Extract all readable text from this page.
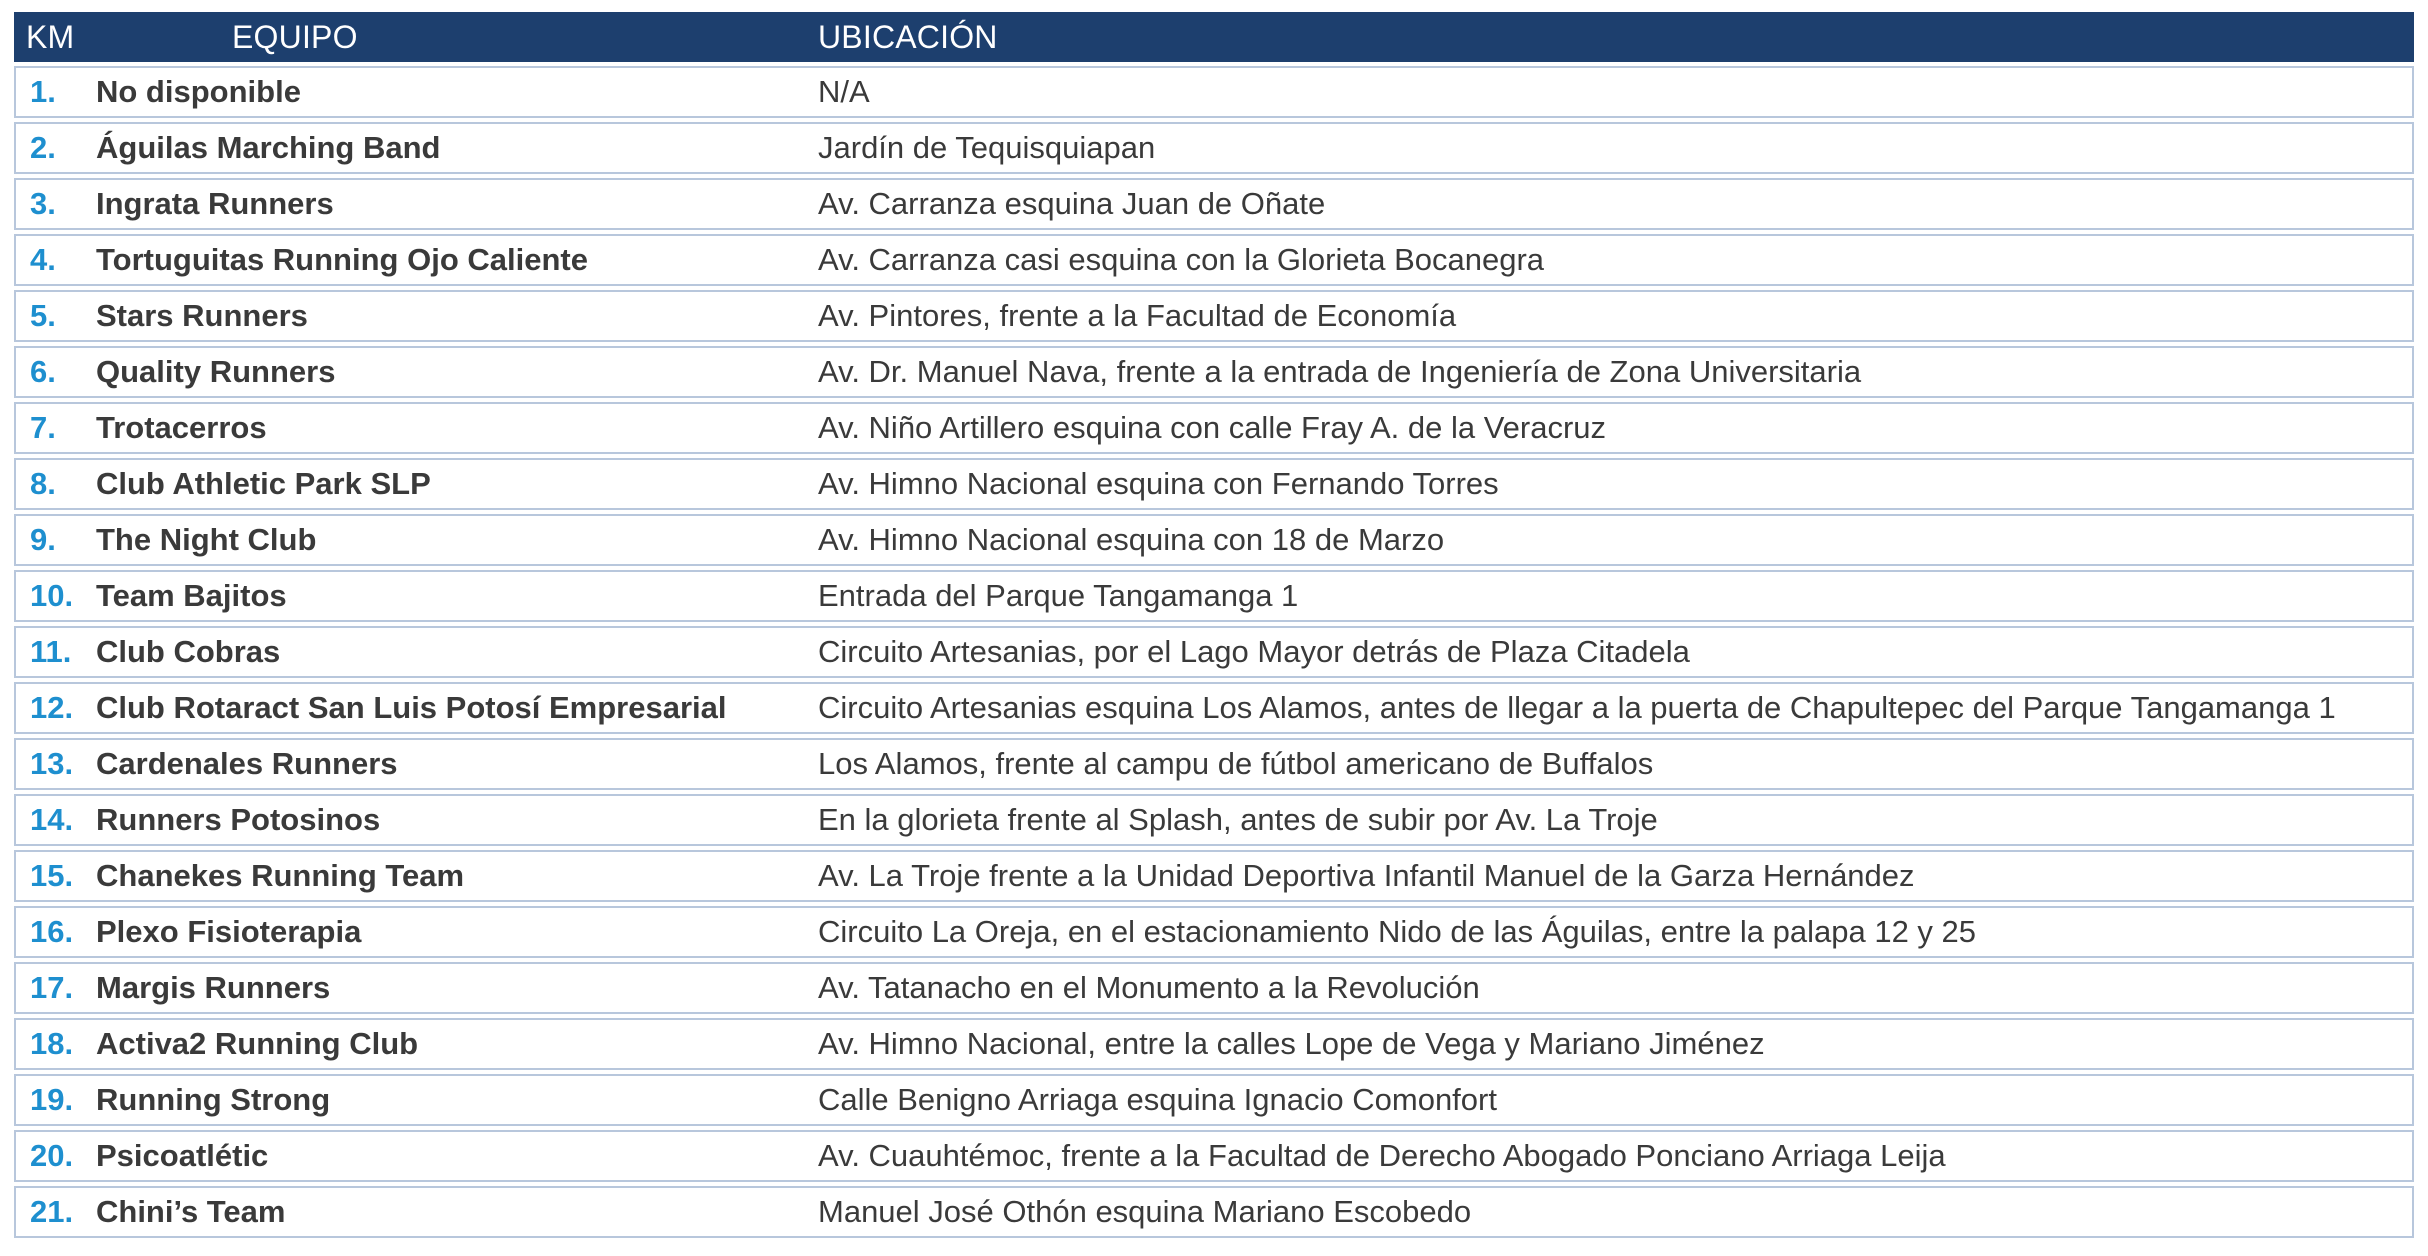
KM	EQUIPO	UBICACIÓN
1.	No disponible	N/A
2.	Águilas Marching Band	Jardín de Tequisquiapan
3.	Ingrata Runners	Av. Carranza esquina Juan de Oñate
4.	Tortuguitas Running Ojo Caliente	Av. Carranza casi esquina con la Glorieta Bocanegra
5.	Stars Runners	Av. Pintores, frente a la Facultad de Economía
6.	Quality Runners	Av. Dr. Manuel Nava, frente a la entrada de Ingeniería de Zona Universitaria
7.	Trotacerros	Av. Niño Artillero esquina con calle Fray A. de la Veracruz
8.	Club Athletic Park SLP	Av. Himno Nacional esquina con Fernando Torres
9.	The Night Club	Av. Himno Nacional esquina con 18 de Marzo
10.	Team Bajitos	Entrada del Parque Tangamanga 1
11.	Club Cobras	Circuito Artesanias, por el Lago Mayor detrás de Plaza Citadela
12.	Club Rotaract San Luis Potosí Empresarial	Circuito Artesanias esquina Los Alamos, antes de llegar a la puerta de Chapultepec del Parque Tangamanga 1
13.	Cardenales Runners	Los Alamos, frente al campu de fútbol americano de Buffalos
14.	Runners Potosinos	En la glorieta frente al Splash, antes de subir por Av. La Troje
15.	Chanekes Running Team	Av. La Troje frente a la Unidad Deportiva Infantil Manuel de la Garza Hernández
16.	Plexo Fisioterapia	Circuito La Oreja, en el estacionamiento Nido de las Águilas, entre la palapa 12 y 25
17.	Margis Runners	Av. Tatanacho en el Monumento a la Revolución
18.	Activa2 Running Club	Av. Himno Nacional, entre la calles Lope de Vega y Mariano Jiménez
19.	Running Strong	Calle Benigno Arriaga esquina Ignacio Comonfort
20.	Psicoatlétic	Av. Cuauhtémoc, frente a la Facultad de Derecho Abogado Ponciano Arriaga Leija
21.	Chini’s Team	Manuel José Othón esquina Mariano Escobedo
